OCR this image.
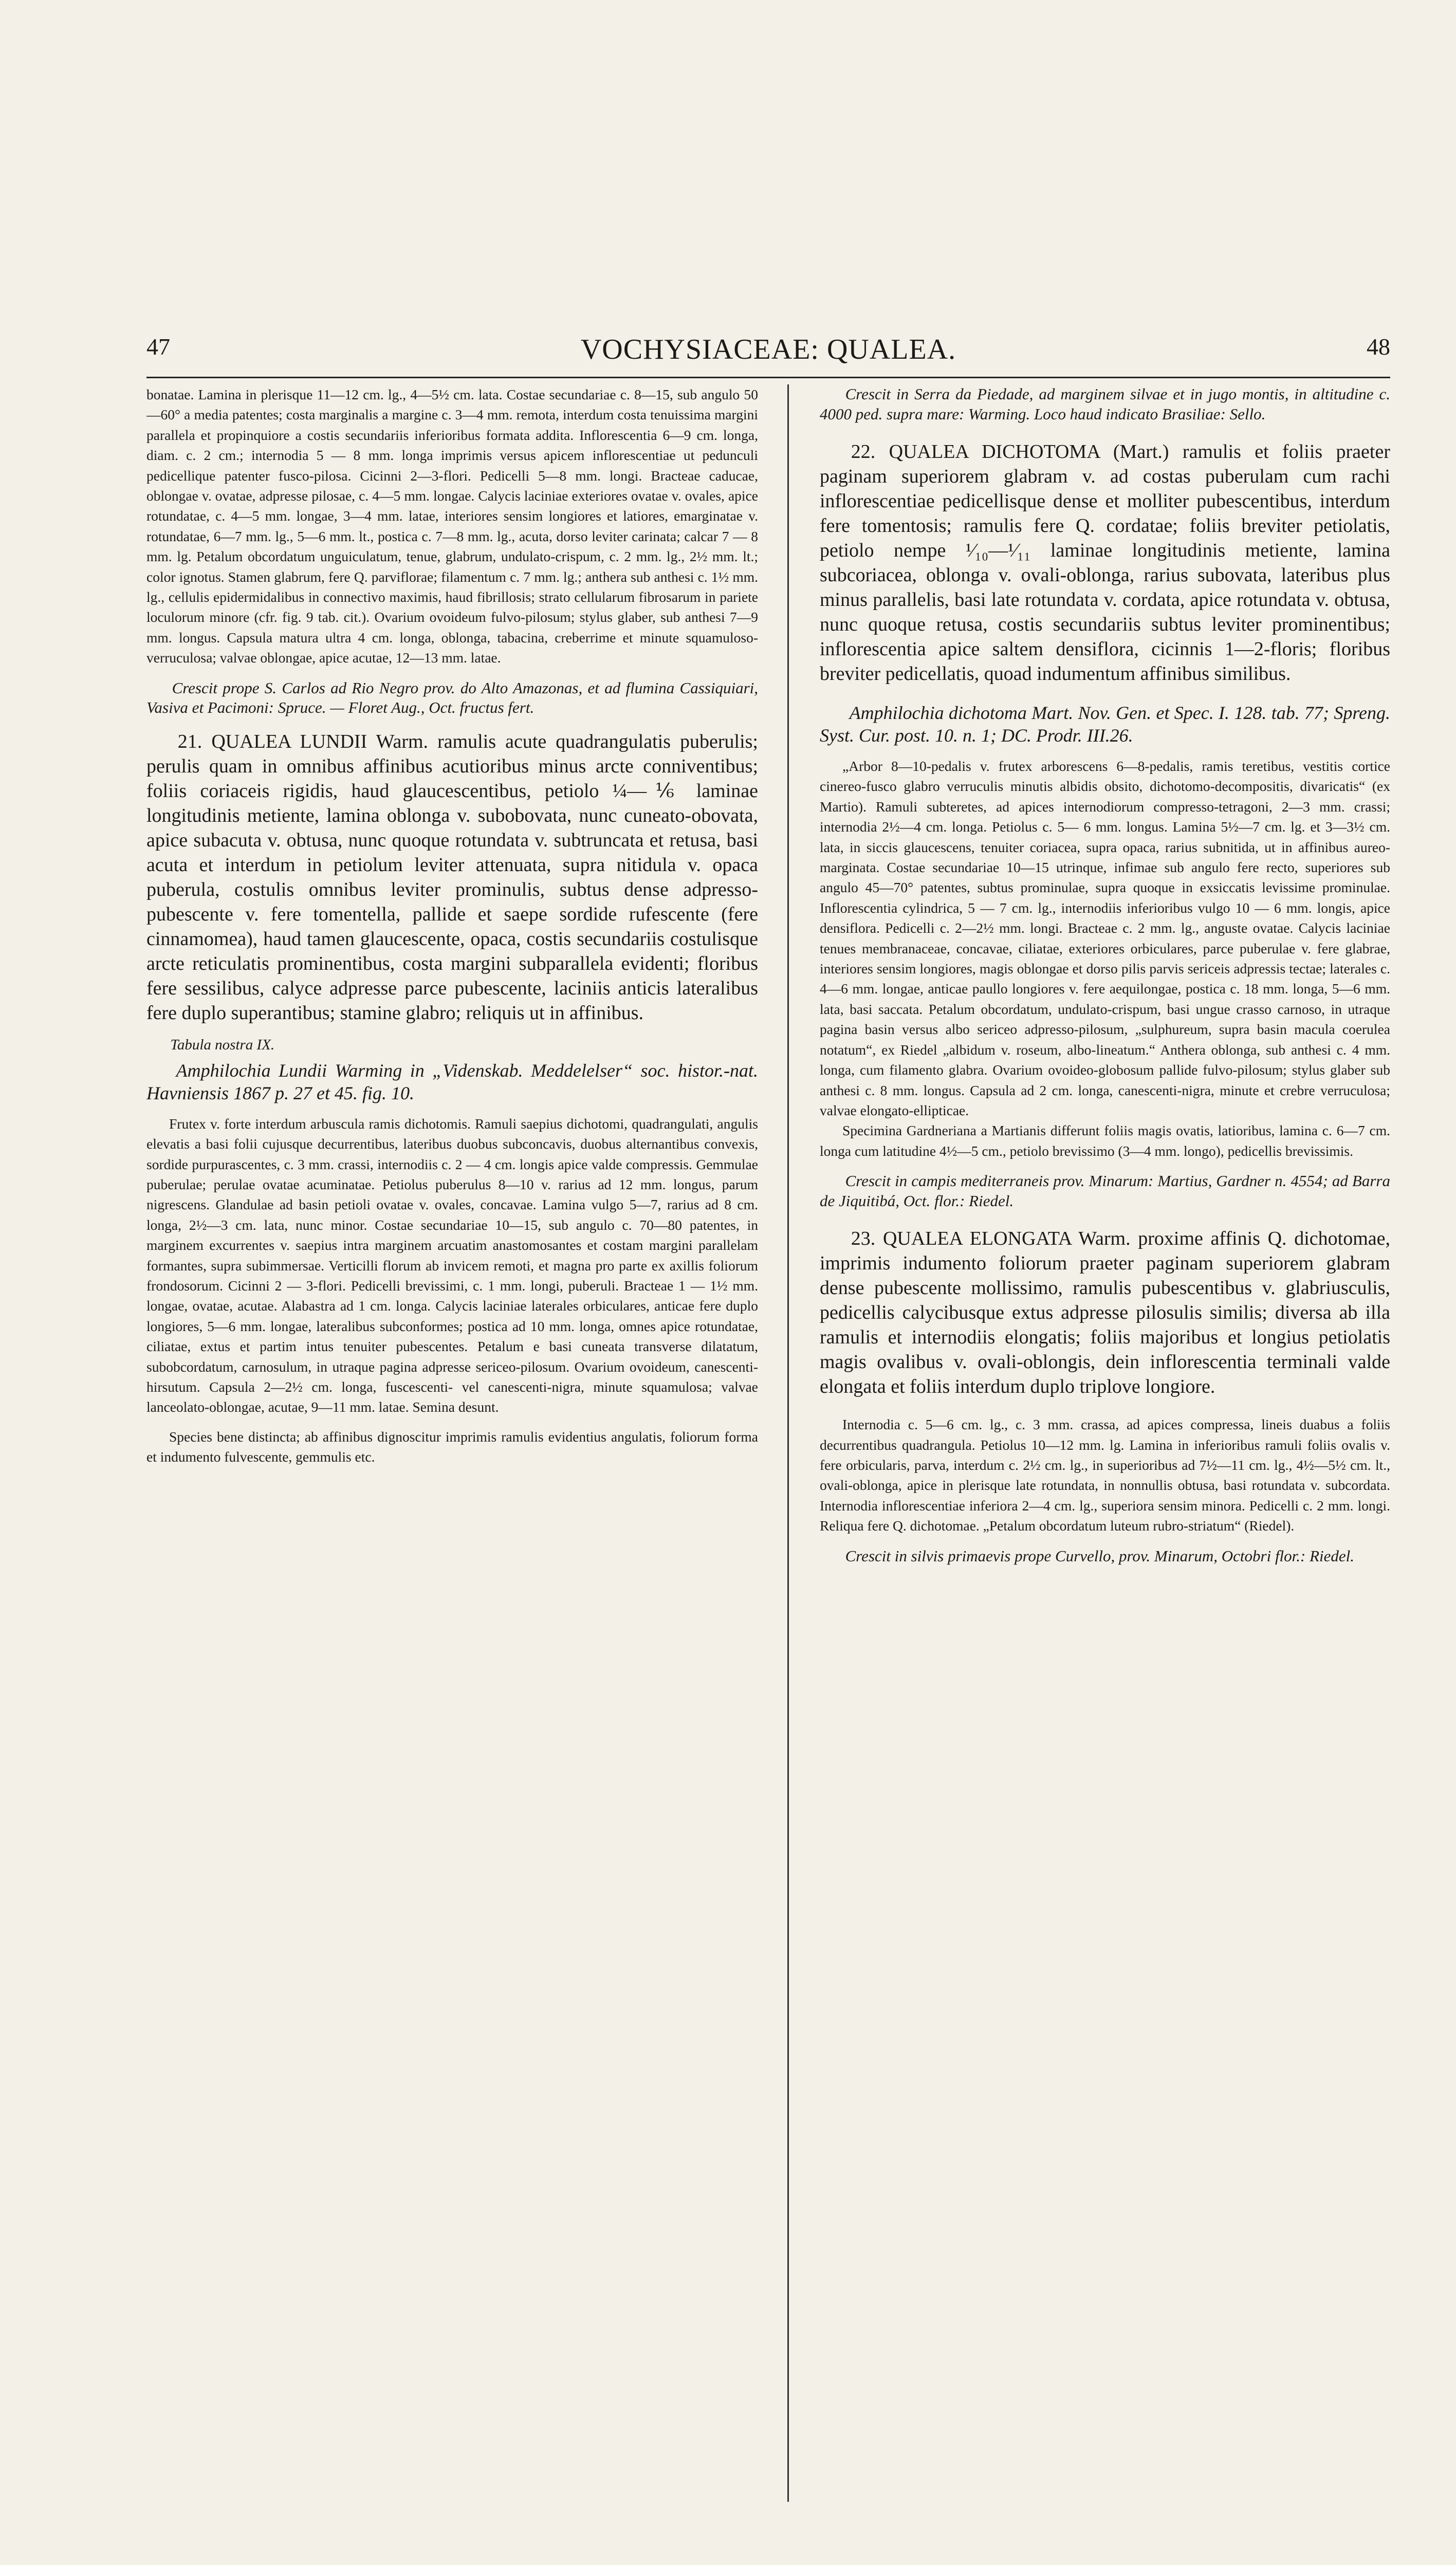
47	VOCHYSIACEAE: QUALEA.	48

bonatae. Lamina in plerisque 11—12 cm. lg., 4—5½ cm. lata. Costae secundariae c. 8—15, sub angulo 50—60° a media patentes; costa marginalis a margine c. 3—4 mm. remota, interdum costa tenuissima margini parallela et propinquiore a costis secundariis inferioribus formata addita. Inflorescentia 6—9 cm. longa, diam. c. 2 cm.; internodia 5 — 8 mm. longa imprimis versus apicem inflorescentiae ut pedunculi pedicellique patenter fusco-pilosa. Cicinni 2—3-flori. Pedicelli 5—8 mm. longi. Bracteae caducae, oblongae v. ovatae, adpresse pilosae, c. 4—5 mm. longae. Calycis laciniae exteriores ovatae v. ovales, apice rotundatae, c. 4—5 mm. longae, 3—4 mm. latae, interiores sensim longiores et latiores, emarginatae v. rotundatae, 6—7 mm. lg., 5—6 mm. lt., postica c. 7—8 mm. lg., acuta, dorso leviter carinata; calcar 7 — 8 mm. lg. Petalum obcordatum unguiculatum, tenue, glabrum, undulato-crispum, c. 2 mm. lg., 2½ mm. lt.; color ignotus. Stamen glabrum, fere Q. parviflorae; filamentum c. 7 mm. lg.; anthera sub anthesi c. 1½ mm. lg., cellulis epidermidalibus in connectivo maximis, haud fibrillosis; strato cellularum fibrosarum in pariete loculorum minore (cfr. fig. 9 tab. cit.). Ovarium ovoideum fulvo-pilosum; stylus glaber, sub anthesi 7—9 mm. longus. Capsula matura ultra 4 cm. longa, oblonga, tabacina, creberrime et minute squamuloso-verruculosa; valvae oblongae, apice acutae, 12—13 mm. latae.

Crescit prope S. Carlos ad Rio Negro prov. do Alto Amazonas, et ad flumina Cassiquiari, Vasiva et Pacimoni: Spruce. — Floret Aug., Oct. fructus fert.

21. QUALEA LUNDII Warm. ramulis acute quadrangulatis puberulis; perulis quam in omnibus affinibus acutioribus minus arcte conniventibus; foliis coriaceis rigidis, haud glaucescentibus, petiolo ¼—⅙ laminae longitudinis metiente, lamina oblonga v. subobovata, nunc cuneato-obovata, apice subacuta v. obtusa, nunc quoque rotundata v. subtruncata et retusa, basi acuta et interdum in petiolum leviter attenuata, supra nitidula v. opaca puberula, costulis omnibus leviter prominulis, subtus dense adpresso-pubescente v. fere tomentella, pallide et saepe sordide rufescente (fere cinnamomea), haud tamen glaucescente, opaca, costis secundariis costulisque arcte reticulatis prominentibus, costa margini subparallela evidenti; floribus fere sessilibus, calyce adpresse parce pubescente, laciniis anticis lateralibus fere duplo superantibus; stamine glabro; reliquis ut in affinibus.

Tabula nostra IX.

Amphilochia Lundii Warming in „Videnskab. Meddelelser“ soc. histor.-nat. Havniensis 1867 p. 27 et 45. fig. 10.

Frutex v. forte interdum arbuscula ramis dichotomis. Ramuli saepius dichotomi, quadrangulati, angulis elevatis a basi folii cujusque decurrentibus, lateribus duobus subconcavis, duobus alternantibus convexis, sordide purpurascentes, c. 3 mm. crassi, internodiis c. 2 — 4 cm. longis apice valde compressis. Gemmulae puberulae; perulae ovatae acuminatae. Petiolus puberulus 8—10 v. rarius ad 12 mm. longus, parum nigrescens. Glandulae ad basin petioli ovatae v. ovales, concavae. Lamina vulgo 5—7, rarius ad 8 cm. longa, 2½—3 cm. lata, nunc minor. Costae secundariae 10—15, sub angulo c. 70—80 patentes, in marginem excurrentes v. saepius intra marginem arcuatim anastomosantes et costam margini parallelam formantes, supra subimmersae. Verticilli florum ab invicem remoti, et magna pro parte ex axillis foliorum frondosorum. Cicinni 2 — 3-flori. Pedicelli brevissimi, c. 1 mm. longi, puberuli. Bracteae 1 — 1½ mm. longae, ovatae, acutae. Alabastra ad 1 cm. longa. Calycis laciniae laterales orbiculares, anticae fere duplo longiores, 5—6 mm. longae, lateralibus subconformes; postica ad 10 mm. longa, omnes apice rotundatae, ciliatae, extus et partim intus tenuiter pubescentes. Petalum e basi cuneata transverse dilatatum, subobcordatum, carnosulum, in utraque pagina adpresse sericeo-pilosum. Ovarium ovoideum, canescenti-hirsutum. Capsula 2—2½ cm. longa, fuscescenti- vel canescenti-nigra, minute squamulosa; valvae lanceolato-oblongae, acutae, 9—11 mm. latae. Semina desunt.

Species bene distincta; ab affinibus dignoscitur imprimis ramulis evidentius angulatis, foliorum forma et indumento fulvescente, gemmulis etc.

Crescit in Serra da Piedade, ad marginem silvae et in jugo montis, in altitudine c. 4000 ped. supra mare: Warming. Loco haud indicato Brasiliae: Sello.

22. QUALEA DICHOTOMA (Mart.) ramulis et foliis praeter paginam superiorem glabram v. ad costas puberulam cum rachi inflorescentiae pedicellisque dense et molliter pubescentibus, interdum fere tomentosis; ramulis fere Q. cordatae; foliis breviter petiolatis, petiolo nempe ¹⁄₁₀—¹⁄₁₁ laminae longitudinis metiente, lamina subcoriacea, oblonga v. ovali-oblonga, rarius subovata, lateribus plus minus parallelis, basi late rotundata v. cordata, apice rotundata v. obtusa, nunc quoque retusa, costis secundariis subtus leviter prominentibus; inflorescentia apice saltem densiflora, cicinnis 1—2-floris; floribus breviter pedicellatis, quoad indumentum affinibus similibus.

Amphilochia dichotoma Mart. Nov. Gen. et Spec. I. 128. tab. 77; Spreng. Syst. Cur. post. 10. n. 1; DC. Prodr. III.26.

„Arbor 8—10-pedalis v. frutex arborescens 6—8-pedalis, ramis teretibus, vestitis cortice cinereo-fusco glabro verruculis minutis albidis obsito, dichotomo-decompositis, divaricatis“ (ex Martio). Ramuli subteretes, ad apices internodiorum compresso-tetragoni, 2—3 mm. crassi; internodia 2½—4 cm. longa. Petiolus c. 5— 6 mm. longus. Lamina 5½—7 cm. lg. et 3—3½ cm. lata, in siccis glaucescens, tenuiter coriacea, supra opaca, rarius subnitida, ut in affinibus aureo-marginata. Costae secundariae 10—15 utrinque, infimae sub angulo fere recto, superiores sub angulo 45—70° patentes, subtus prominulae, supra quoque in exsiccatis levissime prominulae. Inflorescentia cylindrica, 5 — 7 cm. lg., internodiis inferioribus vulgo 10 — 6 mm. longis, apice densiflora. Pedicelli c. 2—2½ mm. longi. Bracteae c. 2 mm. lg., anguste ovatae. Calycis laciniae tenues membranaceae, concavae, ciliatae, exteriores orbiculares, parce puberulae v. fere glabrae, interiores sensim longiores, magis oblongae et dorso pilis parvis sericeis adpressis tectae; laterales c. 4—6 mm. longae, anticae paullo longiores v. fere aequilongae, postica c. 18 mm. longa, 5—6 mm. lata, basi saccata. Petalum obcordatum, undulato-crispum, basi ungue crasso carnoso, in utraque pagina basin versus albo sericeo adpresso-pilosum, „sulphureum, supra basin macula coerulea notatum“, ex Riedel „albidum v. roseum, albo-lineatum.“ Anthera oblonga, sub anthesi c. 4 mm. longa, cum filamento glabra. Ovarium ovoideo-globosum pallide fulvo-pilosum; stylus glaber sub anthesi c. 8 mm. longus. Capsula ad 2 cm. longa, canescenti-nigra, minute et crebre verruculosa; valvae elongato-ellipticae.

Specimina Gardneriana a Martianis differunt foliis magis ovatis, latioribus, lamina c. 6—7 cm. longa cum latitudine 4½—5 cm., petiolo brevissimo (3—4 mm. longo), pedicellis brevissimis.

Crescit in campis mediterraneis prov. Minarum: Martius, Gardner n. 4554; ad Barra de Jiquitibá, Oct. flor.: Riedel.

23. QUALEA ELONGATA Warm. proxime affinis Q. dichotomae, imprimis indumento foliorum praeter paginam superiorem glabram dense pubescente mollissimo, ramulis pubescentibus v. glabriusculis, pedicellis calycibusque extus adpresse pilosulis similis; diversa ab illa ramulis et internodiis elongatis; foliis majoribus et longius petiolatis magis ovalibus v. ovali-oblongis, dein inflorescentia terminali valde elongata et foliis interdum duplo triplove longiore.

Internodia c. 5—6 cm. lg., c. 3 mm. crassa, ad apices compressa, lineis duabus a foliis decurrentibus quadrangula. Petiolus 10—12 mm. lg. Lamina in inferioribus ramuli foliis ovalis v. fere orbicularis, parva, interdum c. 2½ cm. lg., in superioribus ad 7½—11 cm. lg., 4½—5½ cm. lt., ovali-oblonga, apice in plerisque late rotundata, in nonnullis obtusa, basi rotundata v. subcordata. Internodia inflorescentiae inferiora 2—4 cm. lg., superiora sensim minora. Pedicelli c. 2 mm. longi. Reliqua fere Q. dichotomae. „Petalum obcordatum luteum rubro-striatum“ (Riedel).

Crescit in silvis primaevis prope Curvello, prov. Minarum, Octobri flor.: Riedel.
